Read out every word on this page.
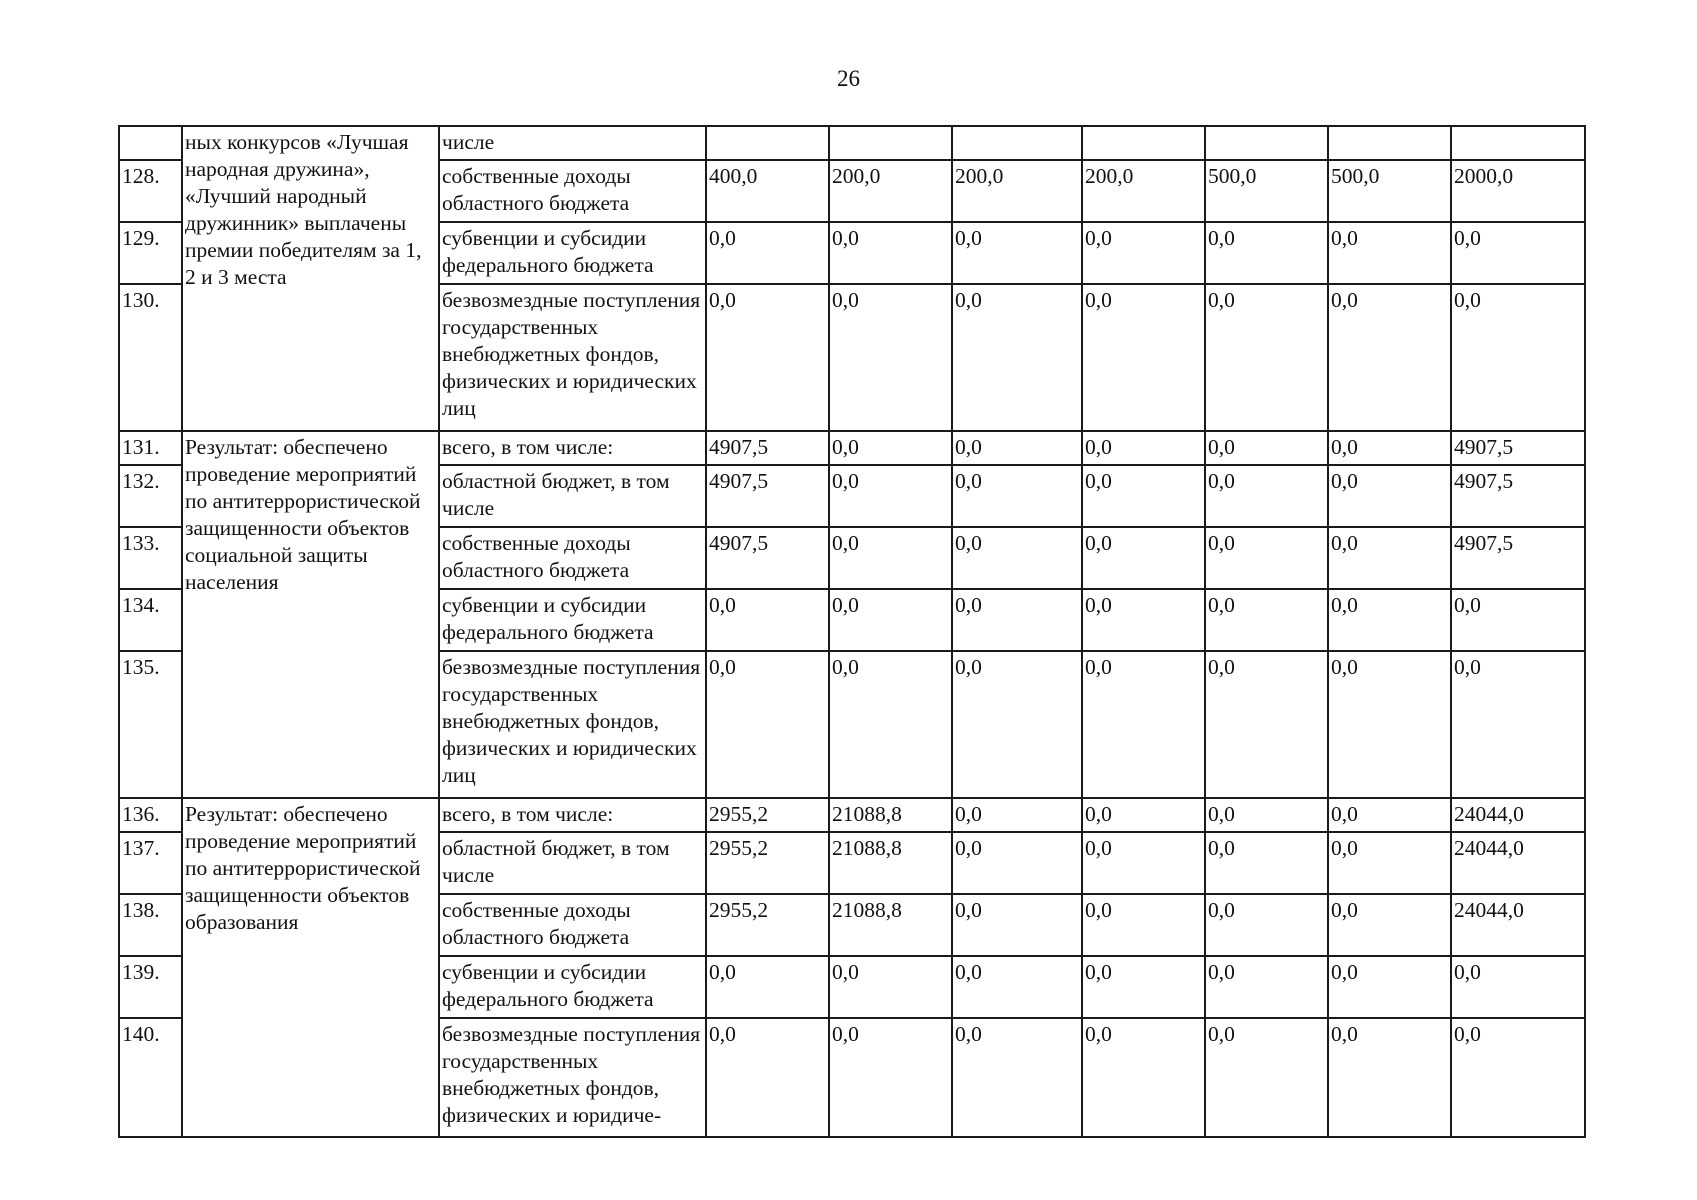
26
	ных конкурсов «Лучшая народная дружина», «Лучший народный дружинник» выплачены премии победителям за 1, 2 и 3 места	числе							
128.		собственные доходы областного бюджета	400,0	200,0	200,0	200,0	500,0	500,0	2000,0
129.		субвенции и субсидии федерального бюджета	0,0	0,0	0,0	0,0	0,0	0,0	0,0
130.		безвозмездные поступления государственных внебюджетных фондов, физических и юридических лиц	0,0	0,0	0,0	0,0	0,0	0,0	0,0
131.	Результат: обеспечено проведение мероприятий по антитеррористической защищенности объектов социальной защиты населения	всего, в том числе:	4907,5	0,0	0,0	0,0	0,0	0,0	4907,5
132.		областной бюджет, в том числе	4907,5	0,0	0,0	0,0	0,0	0,0	4907,5
133.		собственные доходы областного бюджета	4907,5	0,0	0,0	0,0	0,0	0,0	4907,5
134.		субвенции и субсидии федерального бюджета	0,0	0,0	0,0	0,0	0,0	0,0	0,0
135.		безвозмездные поступления государственных внебюджетных фондов, физических и юридических лиц	0,0	0,0	0,0	0,0	0,0	0,0	0,0
136.	Результат: обеспечено проведение мероприятий по антитеррористической защищенности объектов образования	всего, в том числе:	2955,2	21088,8	0,0	0,0	0,0	0,0	24044,0
137.		областной бюджет, в том числе	2955,2	21088,8	0,0	0,0	0,0	0,0	24044,0
138.		собственные доходы областного бюджета	2955,2	21088,8	0,0	0,0	0,0	0,0	24044,0
139.		субвенции и субсидии федерального бюджета	0,0	0,0	0,0	0,0	0,0	0,0	0,0
140.		безвозмездные поступления государственных внебюджетных фондов, физических и юридиче-	0,0	0,0	0,0	0,0	0,0	0,0	0,0
